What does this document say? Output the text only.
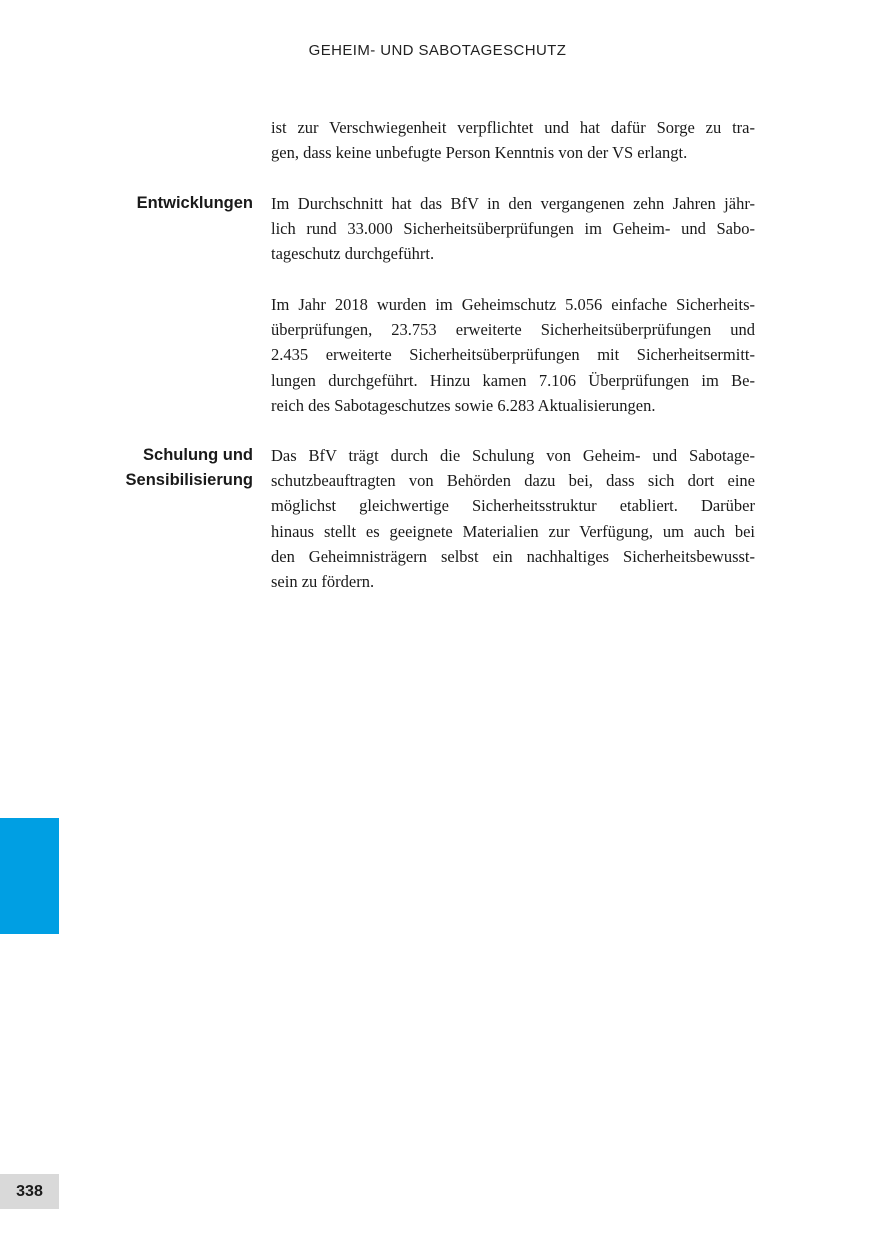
GEHEIM- UND SABOTAGESCHUTZ

ist zur Verschwiegenheit verpflichtet und hat dafür Sorge zu tra-
gen, dass keine unbefugte Person Kenntnis von der VS erlangt.

Entwicklungen Im Durchschnitt hat das BfV in den vergangenen zehn Jahren jähr-
lich rund 33.000 Sicherheitsüberprüfungen im Geheim- und Sabo-
tageschutz durchgeführt.

Im Jahr 2018 wurden im Geheimschutz 5.056 einfache Sicherheits-
überprüfungen, 23.753 erweiterte Sicherheitsüberprüfungen und
2.435 erweiterte Sicherheitsüberprüfungen mit Sicherheitsermitt-
lungen durchgeführt. Hinzu kamen 7.106 Überprüfungen im Be-
reich des Sabotageschutzes sowie 6.283 Aktualisierungen.

Schulung und
Sensibilisierung

Das BfV trägt durch die Schulung von Geheim- und Sabotage-
schutzbeauftragten von Behörden dazu bei, dass sich dort eine
möglichst gleichwertige Sicherheitsstruktur etabliert. Darüber
hinaus stellt es geeignete Materialien zur Verfügung, um auch bei
den Geheimnisträgern selbst ein nachhaltiges Sicherheitsbewusst-
sein zu fördern.

338
